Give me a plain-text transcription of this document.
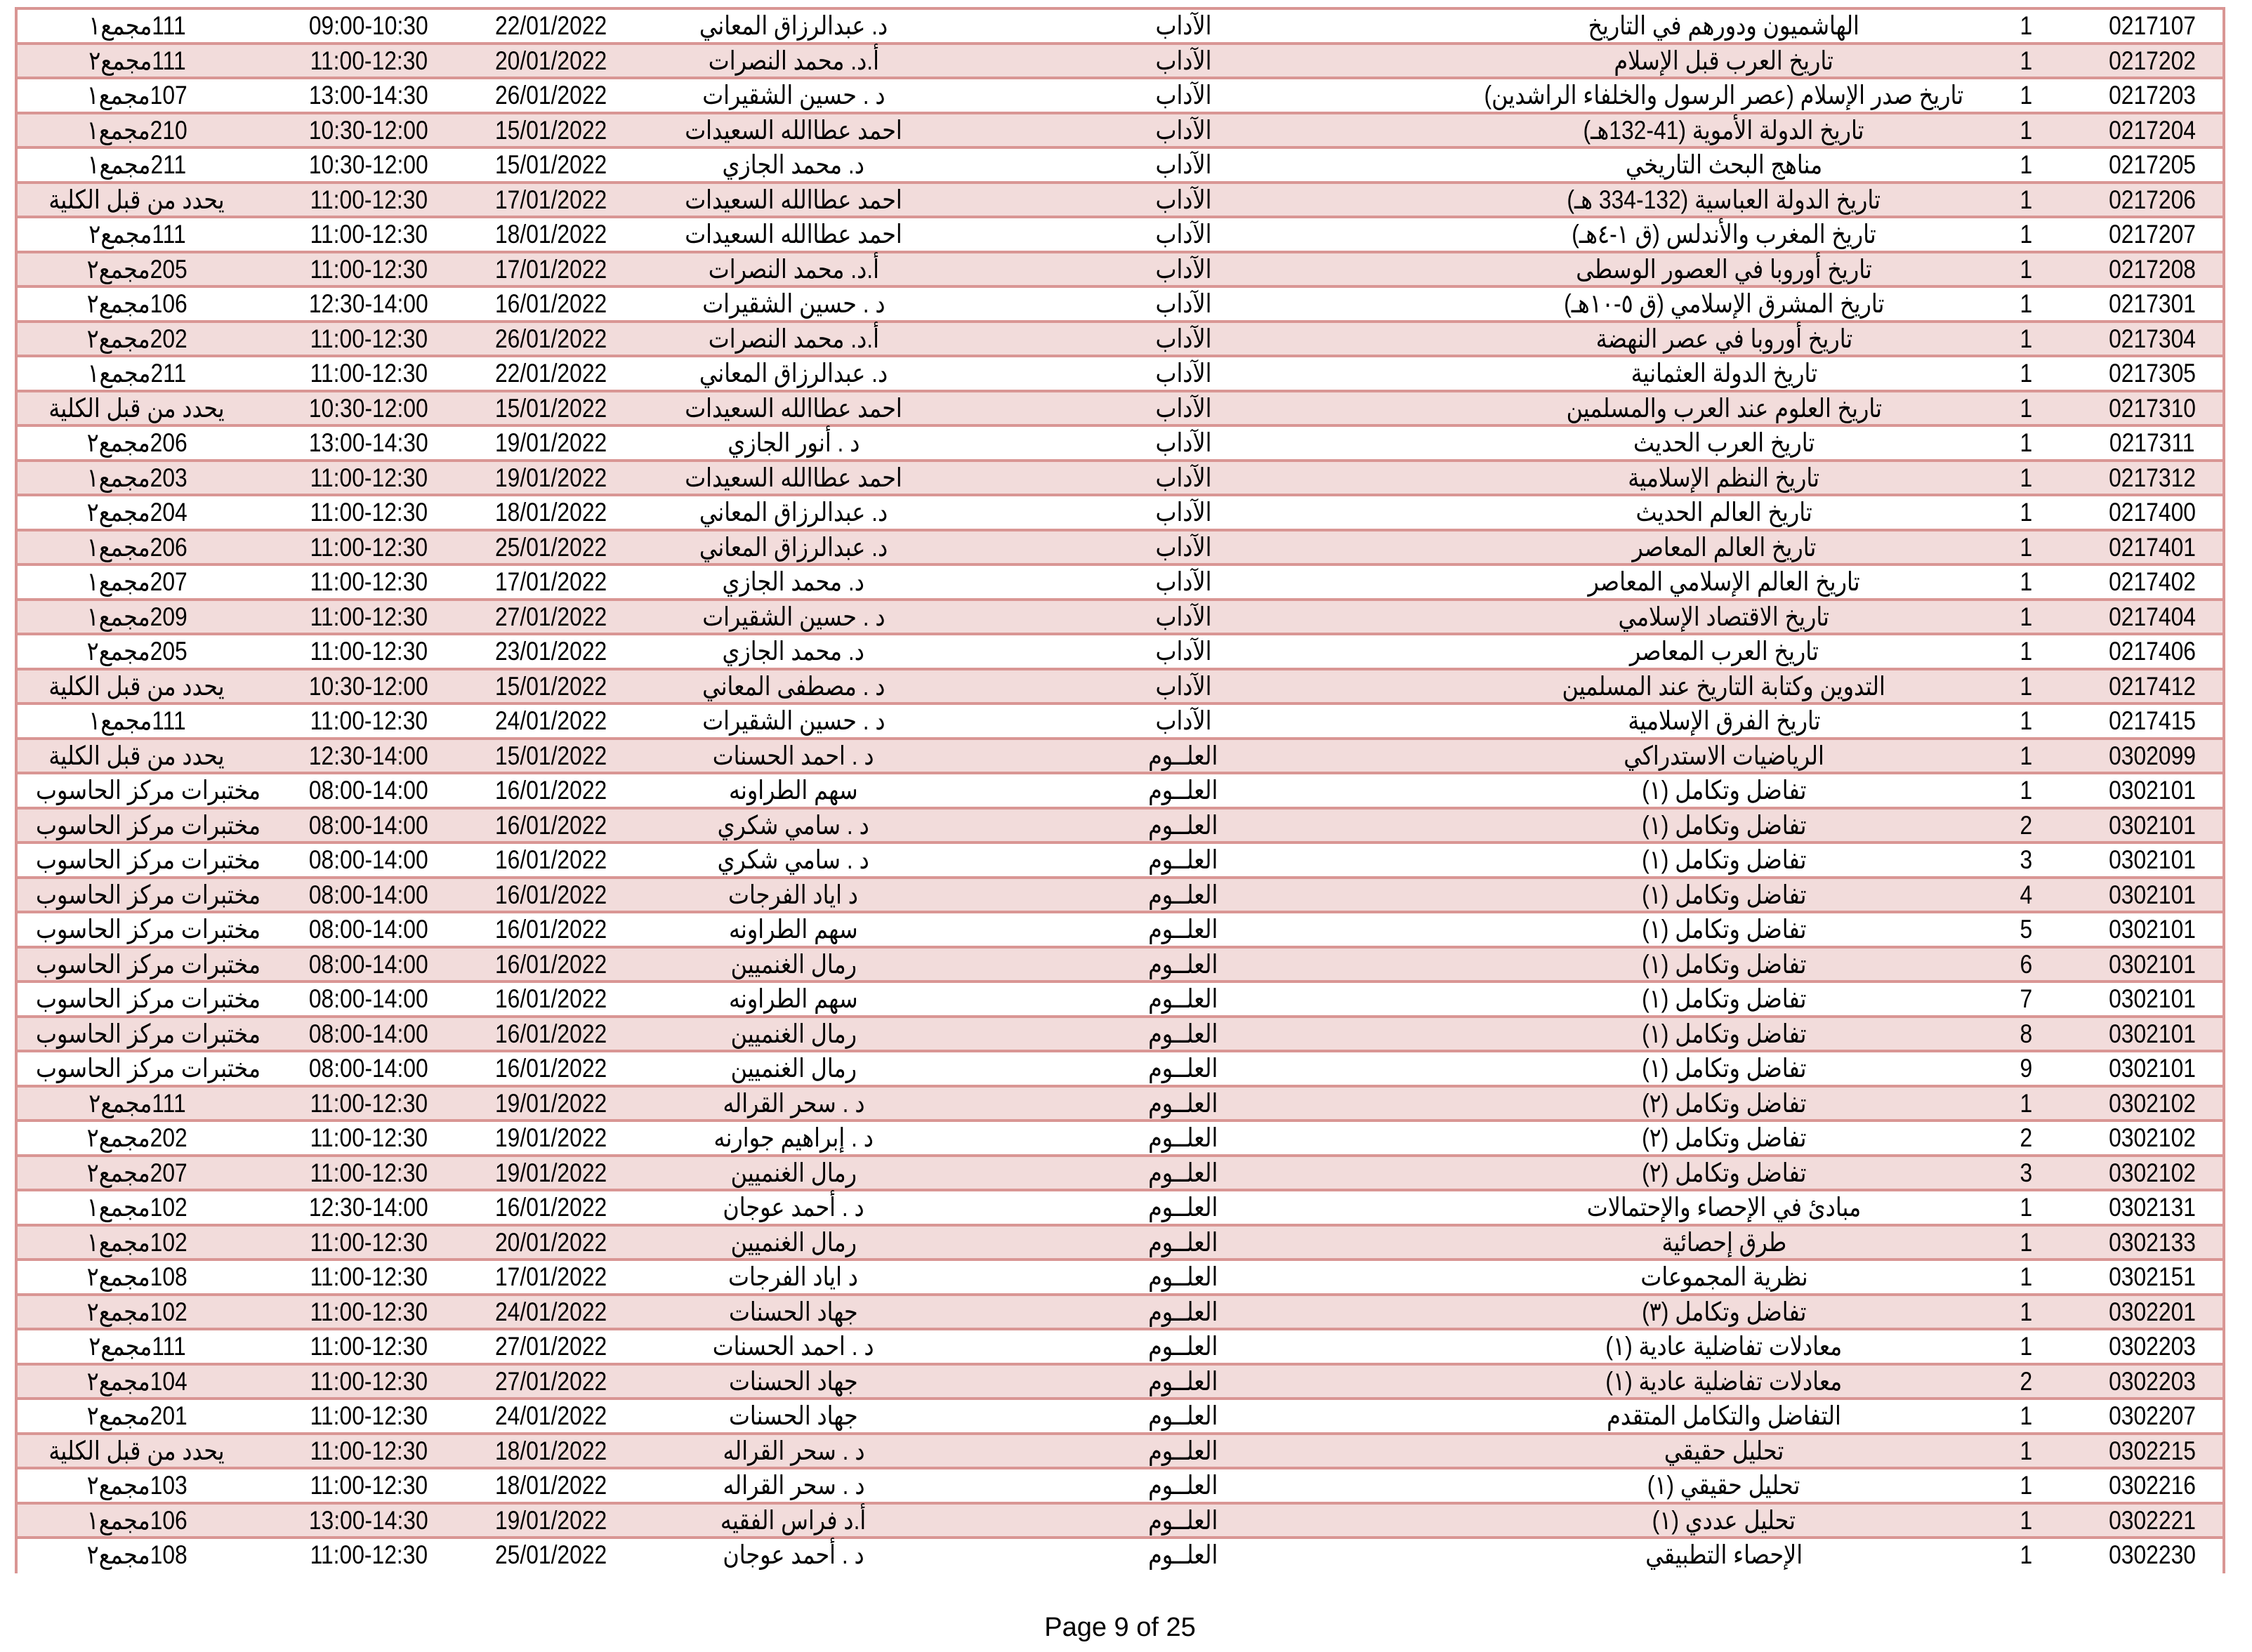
0217107
1
الهاشميون ودورهم في التاريخ
الآداب
د. عبدالرزاق المعاني
22/01/2022
09:00-10:30
111مجمع١
0217202
1
تاريخ العرب قبل الإسلام
الآداب
أ.د. محمد النصرات
20/01/2022
11:00-12:30
111مجمع٢
0217203
1
تاريخ صدر الإسلام (عصر الرسول والخلفاء الراشدين)
الآداب
د . حسين الشقيرات
26/01/2022
13:00-14:30
107مجمع١
0217204
1
تاريخ الدولة الأموية (41-132هـ)
الآداب
احمد عطاالله السعيدات
15/01/2022
10:30-12:00
210مجمع١
0217205
1
مناهج البحث التاريخي
الآداب
د. محمد الجازي
15/01/2022
10:30-12:00
211مجمع١
0217206
1
تاريخ الدولة العباسية (132-334 هـ)
الآداب
احمد عطاالله السعيدات
17/01/2022
11:00-12:30
يحدد من قبل الكلية
0217207
1
تاريخ المغرب والأندلس (ق ١-٤هـ)
الآداب
احمد عطاالله السعيدات
18/01/2022
11:00-12:30
111مجمع٢
0217208
1
تاريخ أوروبا في العصور الوسطى
الآداب
أ.د. محمد النصرات
17/01/2022
11:00-12:30
205مجمع٢
0217301
1
تاريخ المشرق الإسلامي (ق ٥-١٠هـ)
الآداب
د . حسين الشقيرات
16/01/2022
12:30-14:00
106مجمع٢
0217304
1
تاريخ أوروبا في عصر النهضة
الآداب
أ.د. محمد النصرات
26/01/2022
11:00-12:30
202مجمع٢
0217305
1
تاريخ الدولة العثمانية
الآداب
د. عبدالرزاق المعاني
22/01/2022
11:00-12:30
211مجمع١
0217310
1
تاريخ العلوم عند العرب والمسلمين
الآداب
احمد عطاالله السعيدات
15/01/2022
10:30-12:00
يحدد من قبل الكلية
0217311
1
تاريخ العرب الحديث
الآداب
د . أنور الجازي
19/01/2022
13:00-14:30
206مجمع٢
0217312
1
تاريخ النظم الإسلامية
الآداب
احمد عطاالله السعيدات
19/01/2022
11:00-12:30
203مجمع١
0217400
1
تاريخ العالم الحديث
الآداب
د. عبدالرزاق المعاني
18/01/2022
11:00-12:30
204مجمع٢
0217401
1
تاريخ العالم المعاصر
الآداب
د. عبدالرزاق المعاني
25/01/2022
11:00-12:30
206مجمع١
0217402
1
تاريخ العالم الإسلامي المعاصر
الآداب
د. محمد الجازي
17/01/2022
11:00-12:30
207مجمع١
0217404
1
تاريخ الاقتصاد الإسلامي
الآداب
د . حسين الشقيرات
27/01/2022
11:00-12:30
209مجمع١
0217406
1
تاريخ العرب المعاصر
الآداب
د. محمد الجازي
23/01/2022
11:00-12:30
205مجمع٢
0217412
1
التدوين وكتابة التاريخ عند المسلمين
الآداب
د . مصطفى المعاني
15/01/2022
10:30-12:00
يحدد من قبل الكلية
0217415
1
تاريخ الفرق الإسلامية
الآداب
د . حسين الشقيرات
24/01/2022
11:00-12:30
111مجمع١
0302099
1
الرياضيات الاستدراكي
العلــوم
د . احمد الحسنات
15/01/2022
12:30-14:00
يحدد من قبل الكلية
0302101
1
تفاضل وتكامل (١)
العلــوم
سهم الطراونه
16/01/2022
08:00-14:00
مختبرات مركز الحاسوب
0302101
2
تفاضل وتكامل (١)
العلــوم
د . سامي شكري
16/01/2022
08:00-14:00
مختبرات مركز الحاسوب
0302101
3
تفاضل وتكامل (١)
العلــوم
د . سامي شكري
16/01/2022
08:00-14:00
مختبرات مركز الحاسوب
0302101
4
تفاضل وتكامل (١)
العلــوم
د اياد الفرجات
16/01/2022
08:00-14:00
مختبرات مركز الحاسوب
0302101
5
تفاضل وتكامل (١)
العلــوم
سهم الطراونه
16/01/2022
08:00-14:00
مختبرات مركز الحاسوب
0302101
6
تفاضل وتكامل (١)
العلــوم
رمال الغنميين
16/01/2022
08:00-14:00
مختبرات مركز الحاسوب
0302101
7
تفاضل وتكامل (١)
العلــوم
سهم الطراونه
16/01/2022
08:00-14:00
مختبرات مركز الحاسوب
0302101
8
تفاضل وتكامل (١)
العلــوم
رمال الغنميين
16/01/2022
08:00-14:00
مختبرات مركز الحاسوب
0302101
9
تفاضل وتكامل (١)
العلــوم
رمال الغنميين
16/01/2022
08:00-14:00
مختبرات مركز الحاسوب
0302102
1
تفاضل وتكامل (٢)
العلــوم
د . سحر القراله
19/01/2022
11:00-12:30
111مجمع٢
0302102
2
تفاضل وتكامل (٢)
العلــوم
د . إبراهيم جوارنه
19/01/2022
11:00-12:30
202مجمع٢
0302102
3
تفاضل وتكامل (٢)
العلــوم
رمال الغنميين
19/01/2022
11:00-12:30
207مجمع٢
0302131
1
مبادئ في الإحصاء والإحتمالات
العلــوم
د . أحمد عوجان
16/01/2022
12:30-14:00
102مجمع١
0302133
1
طرق إحصائية
العلــوم
رمال الغنميين
20/01/2022
11:00-12:30
102مجمع١
0302151
1
نظرية المجموعات
العلــوم
د اياد الفرجات
17/01/2022
11:00-12:30
108مجمع٢
0302201
1
تفاضل وتكامل (٣)
العلــوم
جهاد الحسنات
24/01/2022
11:00-12:30
102مجمع٢
0302203
1
معادلات تفاضلية عادية (١)
العلــوم
د . احمد الحسنات
27/01/2022
11:00-12:30
111مجمع٢
0302203
2
معادلات تفاضلية عادية (١)
العلــوم
جهاد الحسنات
27/01/2022
11:00-12:30
104مجمع٢
0302207
1
التفاضل والتكامل المتقدم
العلــوم
جهاد الحسنات
24/01/2022
11:00-12:30
201مجمع٢
0302215
1
تحليل حقيقي
العلــوم
د . سحر القراله
18/01/2022
11:00-12:30
يحدد من قبل الكلية
0302216
1
تحليل حقيقي (١)
العلــوم
د . سحر القراله
18/01/2022
11:00-12:30
103مجمع٢
0302221
1
تحليل عددي (١)
العلــوم
أ.د فراس الفقيه
19/01/2022
13:00-14:30
106مجمع١
0302230
1
الإحصاء التطبيقي
العلــوم
د . أحمد عوجان
25/01/2022
11:00-12:30
108مجمع٢
Page 9 of 25
